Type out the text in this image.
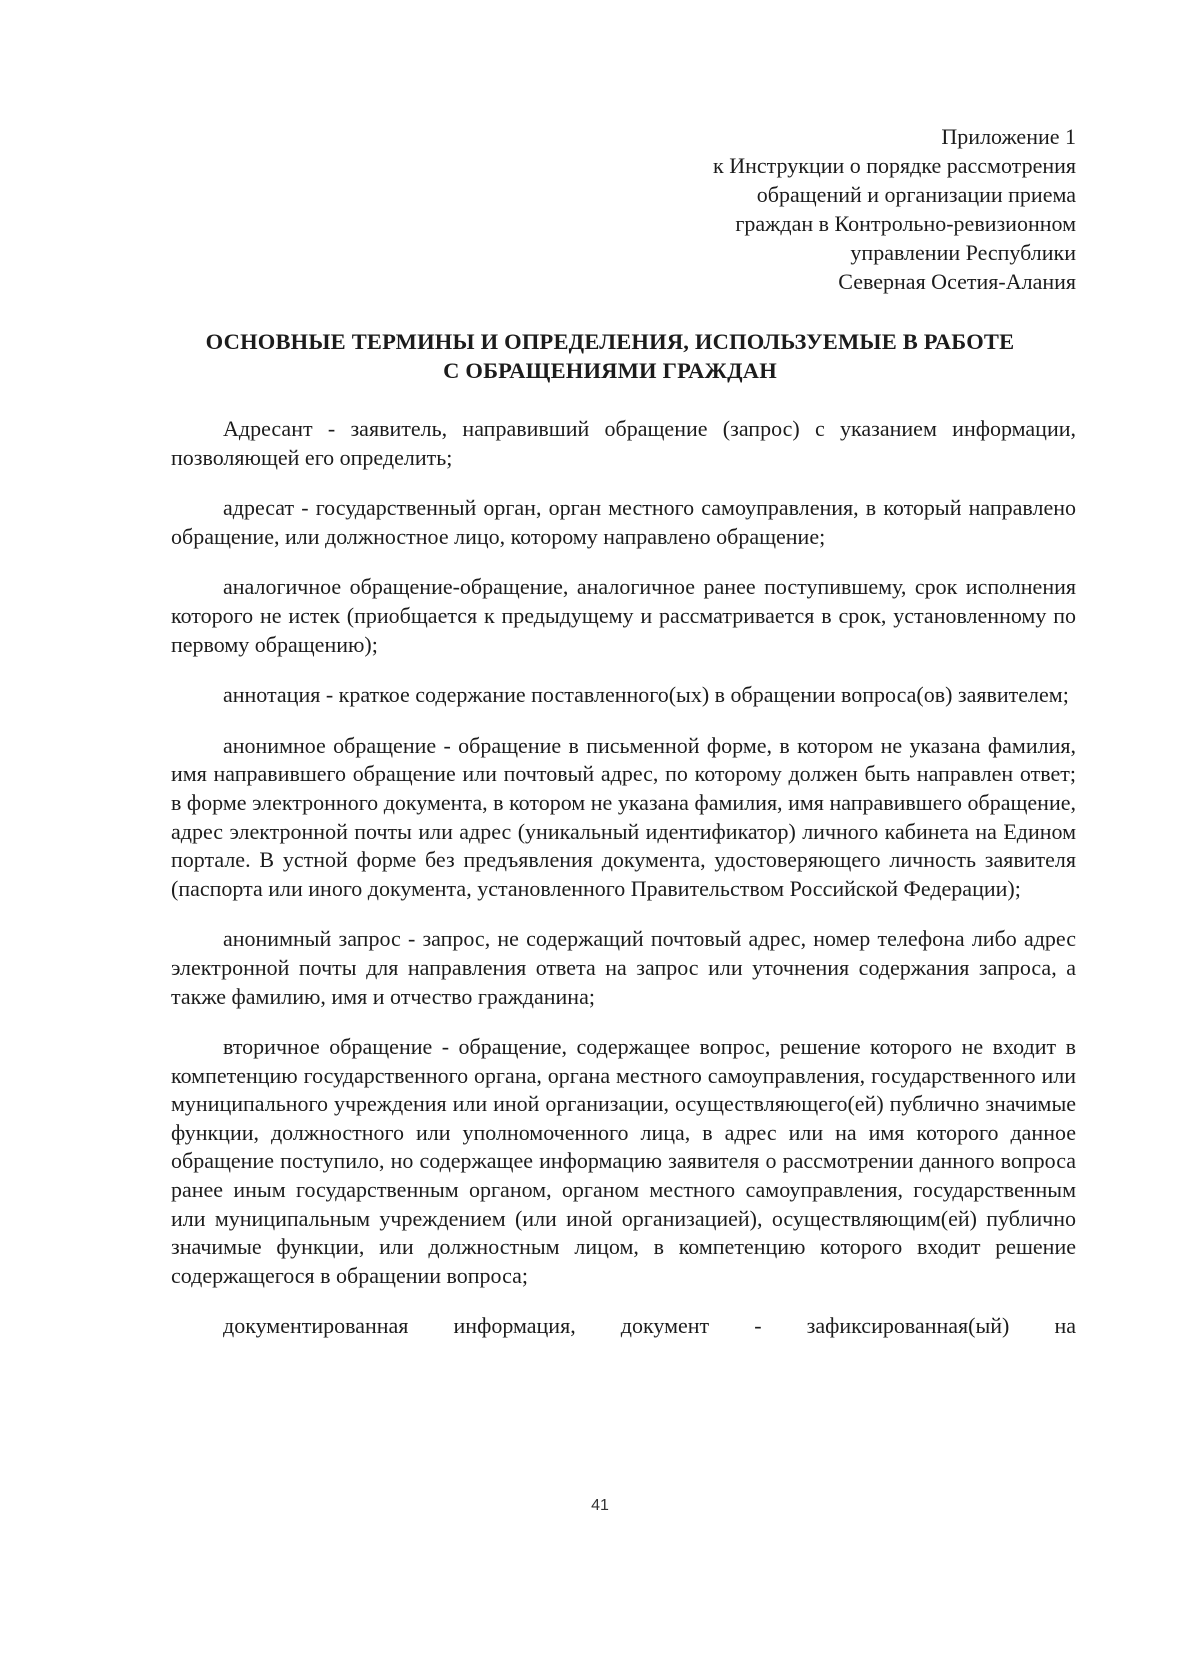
Приложение 1
к Инструкции о порядке рассмотрения
обращений и организации приема
граждан в Контрольно-ревизионном
управлении Республики
Северная Осетия-Алания
ОСНОВНЫЕ ТЕРМИНЫ И ОПРЕДЕЛЕНИЯ, ИСПОЛЬЗУЕМЫЕ В РАБОТЕ
С ОБРАЩЕНИЯМИ ГРАЖДАН

Адресант - заявитель, направивший обращение (запрос) с указанием информации, позволяющей его определить;

адресат - государственный орган, орган местного самоуправления, в который направлено обращение, или должностное лицо, которому направлено обращение;

аналогичное обращение-обращение, аналогичное ранее поступившему, срок исполнения которого не истек (приобщается к предыдущему и рассматривается в срок, установленному по первому обращению);

аннотация - краткое содержание поставленного(ых) в обращении вопроса(ов) заявителем;

анонимное обращение - обращение в письменной форме, в котором не указана фамилия, имя направившего обращение или почтовый адрес, по которому должен быть направлен ответ; в форме электронного документа, в котором не указана фамилия, имя направившего обращение, адрес электронной почты или адрес (уникальный идентификатор) личного кабинета на Едином портале. В устной форме без предъявления документа, удостоверяющего личность заявителя (паспорта или иного документа, установленного Правительством Российской Федерации);

анонимный запрос - запрос, не содержащий почтовый адрес, номер телефона либо адрес электронной почты для направления ответа на запрос или уточнения содержания запроса, а также фамилию, имя и отчество гражданина;

вторичное обращение - обращение, содержащее вопрос, решение которого не входит в компетенцию государственного органа, органа местного самоуправления, государственного или муниципального учреждения или иной организации, осуществляющего(ей) публично значимые функции, должностного или уполномоченного лица, в адрес или на имя которого данное обращение поступило, но содержащее информацию заявителя о рассмотрении данного вопроса ранее иным государственным органом, органом местного самоуправления, государственным или муниципальным учреждением (или иной организацией), осуществляющим(ей) публично значимые функции, или должностным лицом, в компетенцию которого входит решение содержащегося в обращении вопроса;

документированная информация, документ - зафиксированная(ый) на

41
